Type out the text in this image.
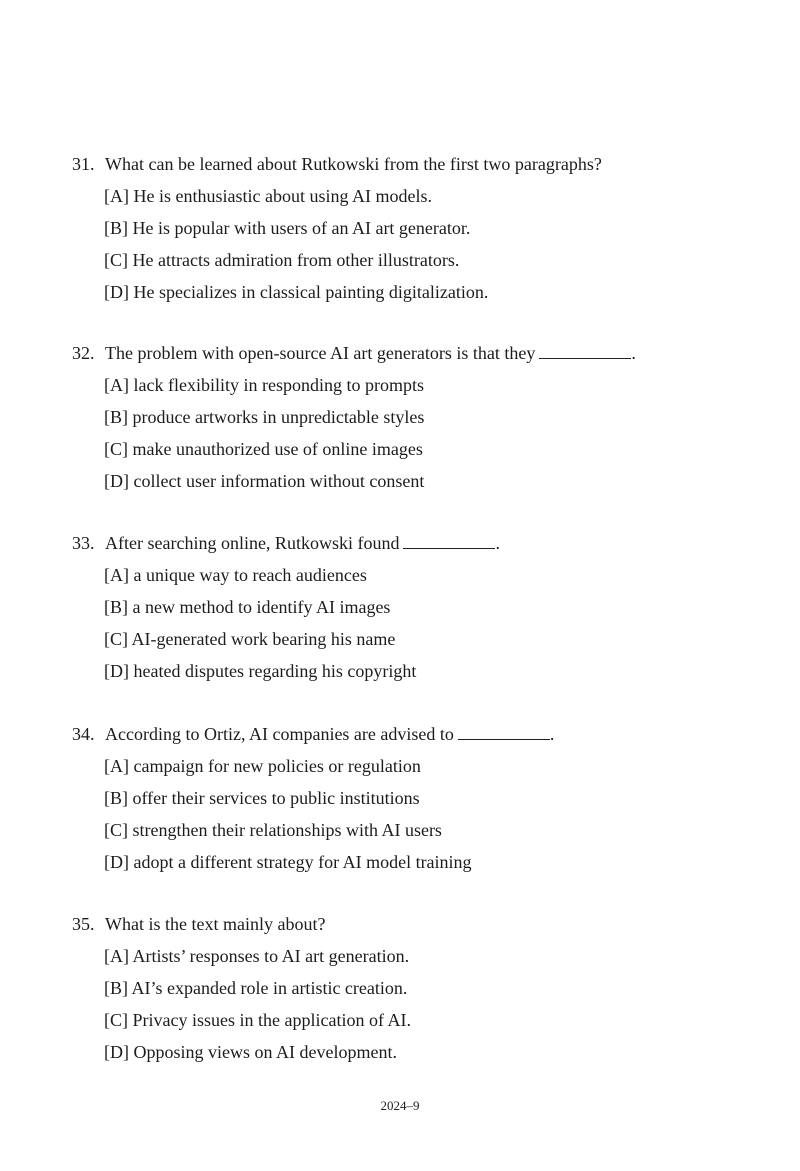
31. What can be learned about Rutkowski from the first two paragraphs?
[A] He is enthusiastic about using AI models.
[B] He is popular with users of an AI art generator.
[C] He attracts admiration from other illustrators.
[D] He specializes in classical painting digitalization.
32. The problem with open-source AI art generators is that they	.
[A] lack flexibility in responding to prompts
[B] produce artworks in unpredictable styles
[C] make unauthorized use of online images
[D] collect user information without consent
33. After searching online, Rutkowski found	.
[A] a unique way to reach audiences
[B] a new method to identify AI images
[C] AI-generated work bearing his name
[D] heated disputes regarding his copyright
34. According to Ortiz, AI companies are advised to	.
[A] campaign for new policies or regulation
[B] offer their services to public institutions
[C] strengthen their relationships with AI users
[D] adopt a different strategy for AI model training
35. What is the text mainly about?
[A] Artists’ responses to AI art generation.
[B] AI’s expanded role in artistic creation.
[C] Privacy issues in the application of AI.
[D] Opposing views on AI development.
2024–9
